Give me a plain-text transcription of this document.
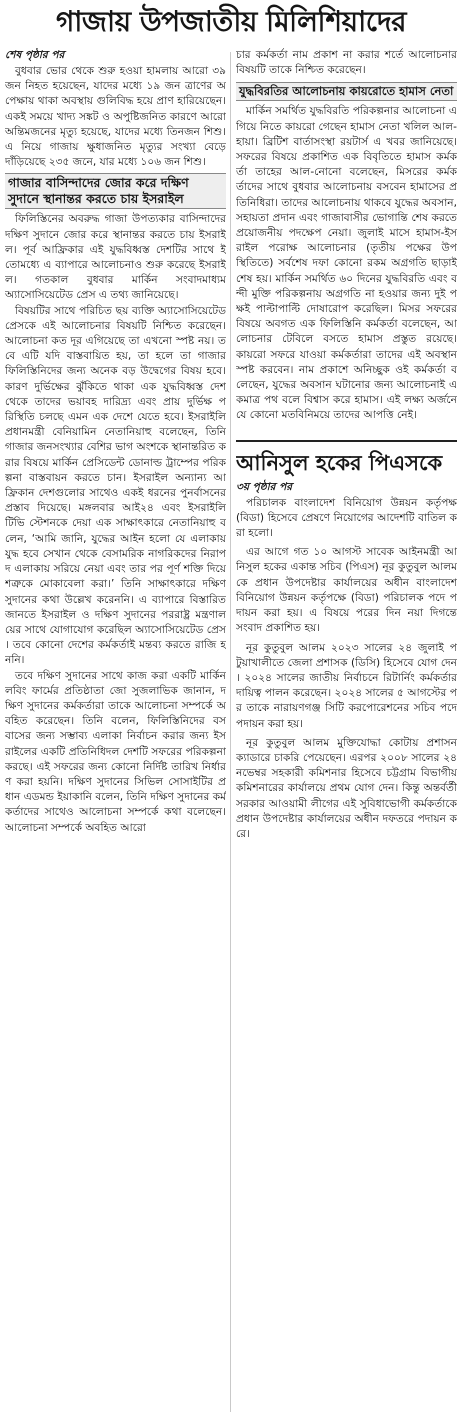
গাজায় উপজাতীয় মিলিশিয়াদের

শেষ পৃষ্ঠার পর

বুধবার ভোর থেকে শুরু হওয়া হামলায় আরো ৩৯ জন নিহত হয়েছেন, যাদের মধ্যে ১৯ জন ত্রাণের অপেক্ষায় থাকা অবস্থায় গুলিবিদ্ধ হয়ে প্রাণ হারিয়েছেন। একই সময়ে খাদ্য সঙ্কট ও অপুষ্টিজনিত কারণে আরো অন্তিমজনের মৃত্যু হয়েছে, যাদের মধ্যে তিনজন শিশু। এ নিয়ে গাজায় ক্ষুধাজনিত মৃত্যুর সংখ্যা বেড়ে দাঁড়িয়েছে ২৩৫ জনে, যার মধ্যে ১০৬ জন শিশু।

গাজার বাসিন্দাদের জোর করে দক্ষিণ সুদানে স্থানান্তর করতে চায় ইসরাইল

ফিলিস্তিনের অবরুদ্ধ গাজা উপত্যকার বাসিন্দাদের দক্ষিণ সুদানে জোর করে স্থানান্তর করতে চায় ইসরাইল। পূর্ব আফ্রিকার এই যুদ্ধবিধ্বস্ত দেশটির সাথে ইতোমধ্যে এ ব্যাপারে আলোচনাও শুরু করেছে ইসরাইল। গতকাল বুধবার মার্কিন সংবাদমাধ্যম অ্যাসোসিয়েটেড প্রেস এ তথ্য জানিয়েছে।

বিষয়টির সাথে পরিচিত ছয় ব্যক্তি অ্যাসোসিয়েটেড প্রেসকে এই আলোচনার বিষয়টি নিশ্চিত করেছেন। আলোচনা কত দূর এগিয়েছে তা এখনো স্পষ্ট নয়। তবে এটি যদি বাস্তবায়িত হয়, তা হলে তা গাজার ফিলিস্তিনিদের জন্য অনেক বড় উদ্বেগের বিষয় হবে। কারণ দুর্ভিক্ষের ঝুঁকিতে থাকা এক যুদ্ধবিধ্বস্ত দেশ থেকে তাদের ভয়াবহ দারিদ্র্য এবং প্রায় দুর্ভিক্ষ পরিস্থিতি চলছে এমন এক দেশে যেতে হবে। ইসরাইলি প্রধানমন্ত্রী বেনিয়ামিন নেতানিয়াহু বলেছেন, তিনি গাজার জনসংখ্যার বেশির ভাগ অংশকে স্থানান্তরিত করার বিষয়ে মার্কিন প্রেসিডেন্ট ডোনাল্ড ট্রাম্পের পরিকল্পনা বাস্তবায়ন করতে চান। ইসরাইল অন্যান্য আফ্রিকান দেশগুলোর সাথেও একই ধরনের পুনর্বাসনের প্রস্তাব দিয়েছে। মঙ্গলবার আই২৪ এবং ইসরাইলি টিভি স্টেশনকে দেয়া এক সাক্ষাৎকারে নেতানিয়াহু বলেন, ‘আমি জানি, যুদ্ধের আইন হলো যে এলাকায় যুদ্ধ হবে সেখান থেকে বেসামরিক নাগরিকদের নিরাপদ এলাকায় সরিয়ে নেয়া এবং তার পর পূর্ণ শক্তি দিয়ে শত্রুকে মোকাবেলা করা।’ তিনি সাক্ষাৎকারে দক্ষিণ সুদানের কথা উল্লেখ করেননি। এ ব্যাপারে বিস্তারিত জানতে ইসরাইল ও দক্ষিণ সুদানের পররাষ্ট্র মন্ত্রণালয়ের সাথে যোগাযোগ করেছিল অ্যাসোসিয়েটেড প্রেস। তবে কোনো দেশের কর্মকর্তাই মন্তব্য করতে রাজি হননি।

তবে দক্ষিণ সুদানের সাথে কাজ করা একটি মার্কিন লবিং ফার্মের প্রতিষ্ঠাতা জো সুজলাভিক জানান, দক্ষিণ সুদানের কর্মকর্তারা তাকে আলোচনা সম্পর্কে অবহিত করেছেন। তিনি বলেন, ফিলিস্তিনিদের বসবাসের জন্য সম্ভাব্য এলাকা নির্বাচন করার জন্য ইসরাইলের একটি প্রতিনিধিদল দেশটি সফরের পরিকল্পনা করছে। এই সফরের জন্য কোনো নির্দিষ্ট তারিখ নির্ধারণ করা হয়নি। দক্ষিণ সুদানের সিভিল সোসাইটির প্রধান এডমন্ড ইয়াকানি বলেন, তিনি দক্ষিণ সুদানের কর্মকর্তাদের সাথেও আলোচনা সম্পর্কে কথা বলেছেন। আলোচনা সম্পর্কে অবহিত আরো

চার কর্মকর্তা নাম প্রকাশ না করার শর্তে আলোচনার বিষয়টি তাকে নিশ্চিত করেছেন।

যুদ্ধবিরতির আলোচনায় কায়রোতে হামাস নেতা

মার্কিন সমর্থিত যুদ্ধবিরতি পরিকল্পনার আলোচনা এগিয়ে নিতে কায়রো গেছেন হামাস নেতা খলিল আল-হায়া। ব্রিটিশ বার্তাসংস্থা রয়টার্স এ খবর জানিয়েছে। সফরের বিষয়ে প্রকাশিত এক বিবৃতিতে হামাস কর্মকর্তা তাহের আল-নোনো বলেছেন, মিসরের কর্মকর্তাদের সাথে বুধবার আলোচনায় বসবেন হামাসের প্রতিনিধিরা। তাদের আলোচনায় থাকবে যুদ্ধের অবসান, সহায়তা প্রদান এবং গাজাবাসীর ভোগান্তি শেষ করতে প্রয়োজনীয় পদক্ষেপ নেয়া। জুলাই মাসে হামাস-ইসরাইল পরোক্ষ আলোচনার (তৃতীয় পক্ষের উপস্থিতিতে) সর্বশেষ দফা কোনো রকম অগ্রগতি ছাড়াই শেষ হয়। মার্কিন সমর্থিত ৬০ দিনের যুদ্ধবিরতি এবং বন্দী মুক্তি পরিকল্পনায় অগ্রগতি না হওয়ার জন্য দুই পক্ষই পাল্টাপাল্টি দোষারোপ করেছিল। মিসর সফরের বিষয়ে অবগত এক ফিলিস্তিনি কর্মকর্তা বলেছেন, আলোচনার টেবিলে বসতে হামাস প্রস্তুত রয়েছে। কায়রো সফরে যাওয়া কর্মকর্তারা তাদের এই অবস্থান স্পষ্ট করবেন। নাম প্রকাশে অনিচ্ছুক ওই কর্মকর্তা বলেছেন, যুদ্ধের অবসান ঘটানোর জন্য আলোচনাই একমাত্র পথ বলে বিশ্বাস করে হামাস। এই লক্ষ্য অর্জনে যে কোনো মতবিনিময়ে তাদের আপত্তি নেই।

আনিসুল হকের পিএসকে

৩য় পৃষ্ঠার পর

পরিচালক বাংলাদেশ বিনিয়োগ উন্নয়ন কর্তৃপক্ষ (বিডা) হিসেবে প্রেষণে নিয়োগের আদেশটি বাতিল করা হলো।

এর আগে গত ১০ আগস্ট সাবেক আইনমন্ত্রী আনিসুল হকের একান্ত সচিব (পিএস) নূর কুতুবুল আলমকে প্রধান উপদেষ্টার কার্যালয়ের অধীন বাংলাদেশ বিনিয়োগ উন্নয়ন কর্তৃপক্ষে (বিডা) পরিচালক পদে পদায়ন করা হয়। এ বিষয়ে পরের দিন নয়া দিগন্তে সংবাদ প্রকাশিত হয়।

নূর কুতুবুল আলম ২০২৩ সালের ২৪ জুলাই পটুয়াখালীতে জেলা প্রশাসক (ডিসি) হিসেবে যোগ দেন। ২০২৪ সালের জাতীয় নির্বাচনে রিটার্নিং কর্মকর্তার দায়িত্ব পালন করেছেন। ২০২৪ সালের ৫ আগস্টের পর তাকে নারায়ণগঞ্জ সিটি করপোরেশনের সচিব পদে পদায়ন করা হয়।

নূর কুতুবুল আলম মুক্তিযোদ্ধা কোটায় প্রশাসন ক্যাডারে চাকরি পেয়েছেন। এরপর ২০০৮ সালের ২৪ নভেম্বর সহকারী কমিশনার হিসেবে চট্টগ্রাম বিভাগীয় কমিশনারের কার্যালয়ে প্রথম যোগ দেন। কিন্তু অন্তর্বর্তী সরকার আওয়ামী লীগের এই সুবিধাভোগী কর্মকর্তাকে প্রধান উপদেষ্টার কার্যালয়ের অধীন দফতরে পদায়ন করে।
